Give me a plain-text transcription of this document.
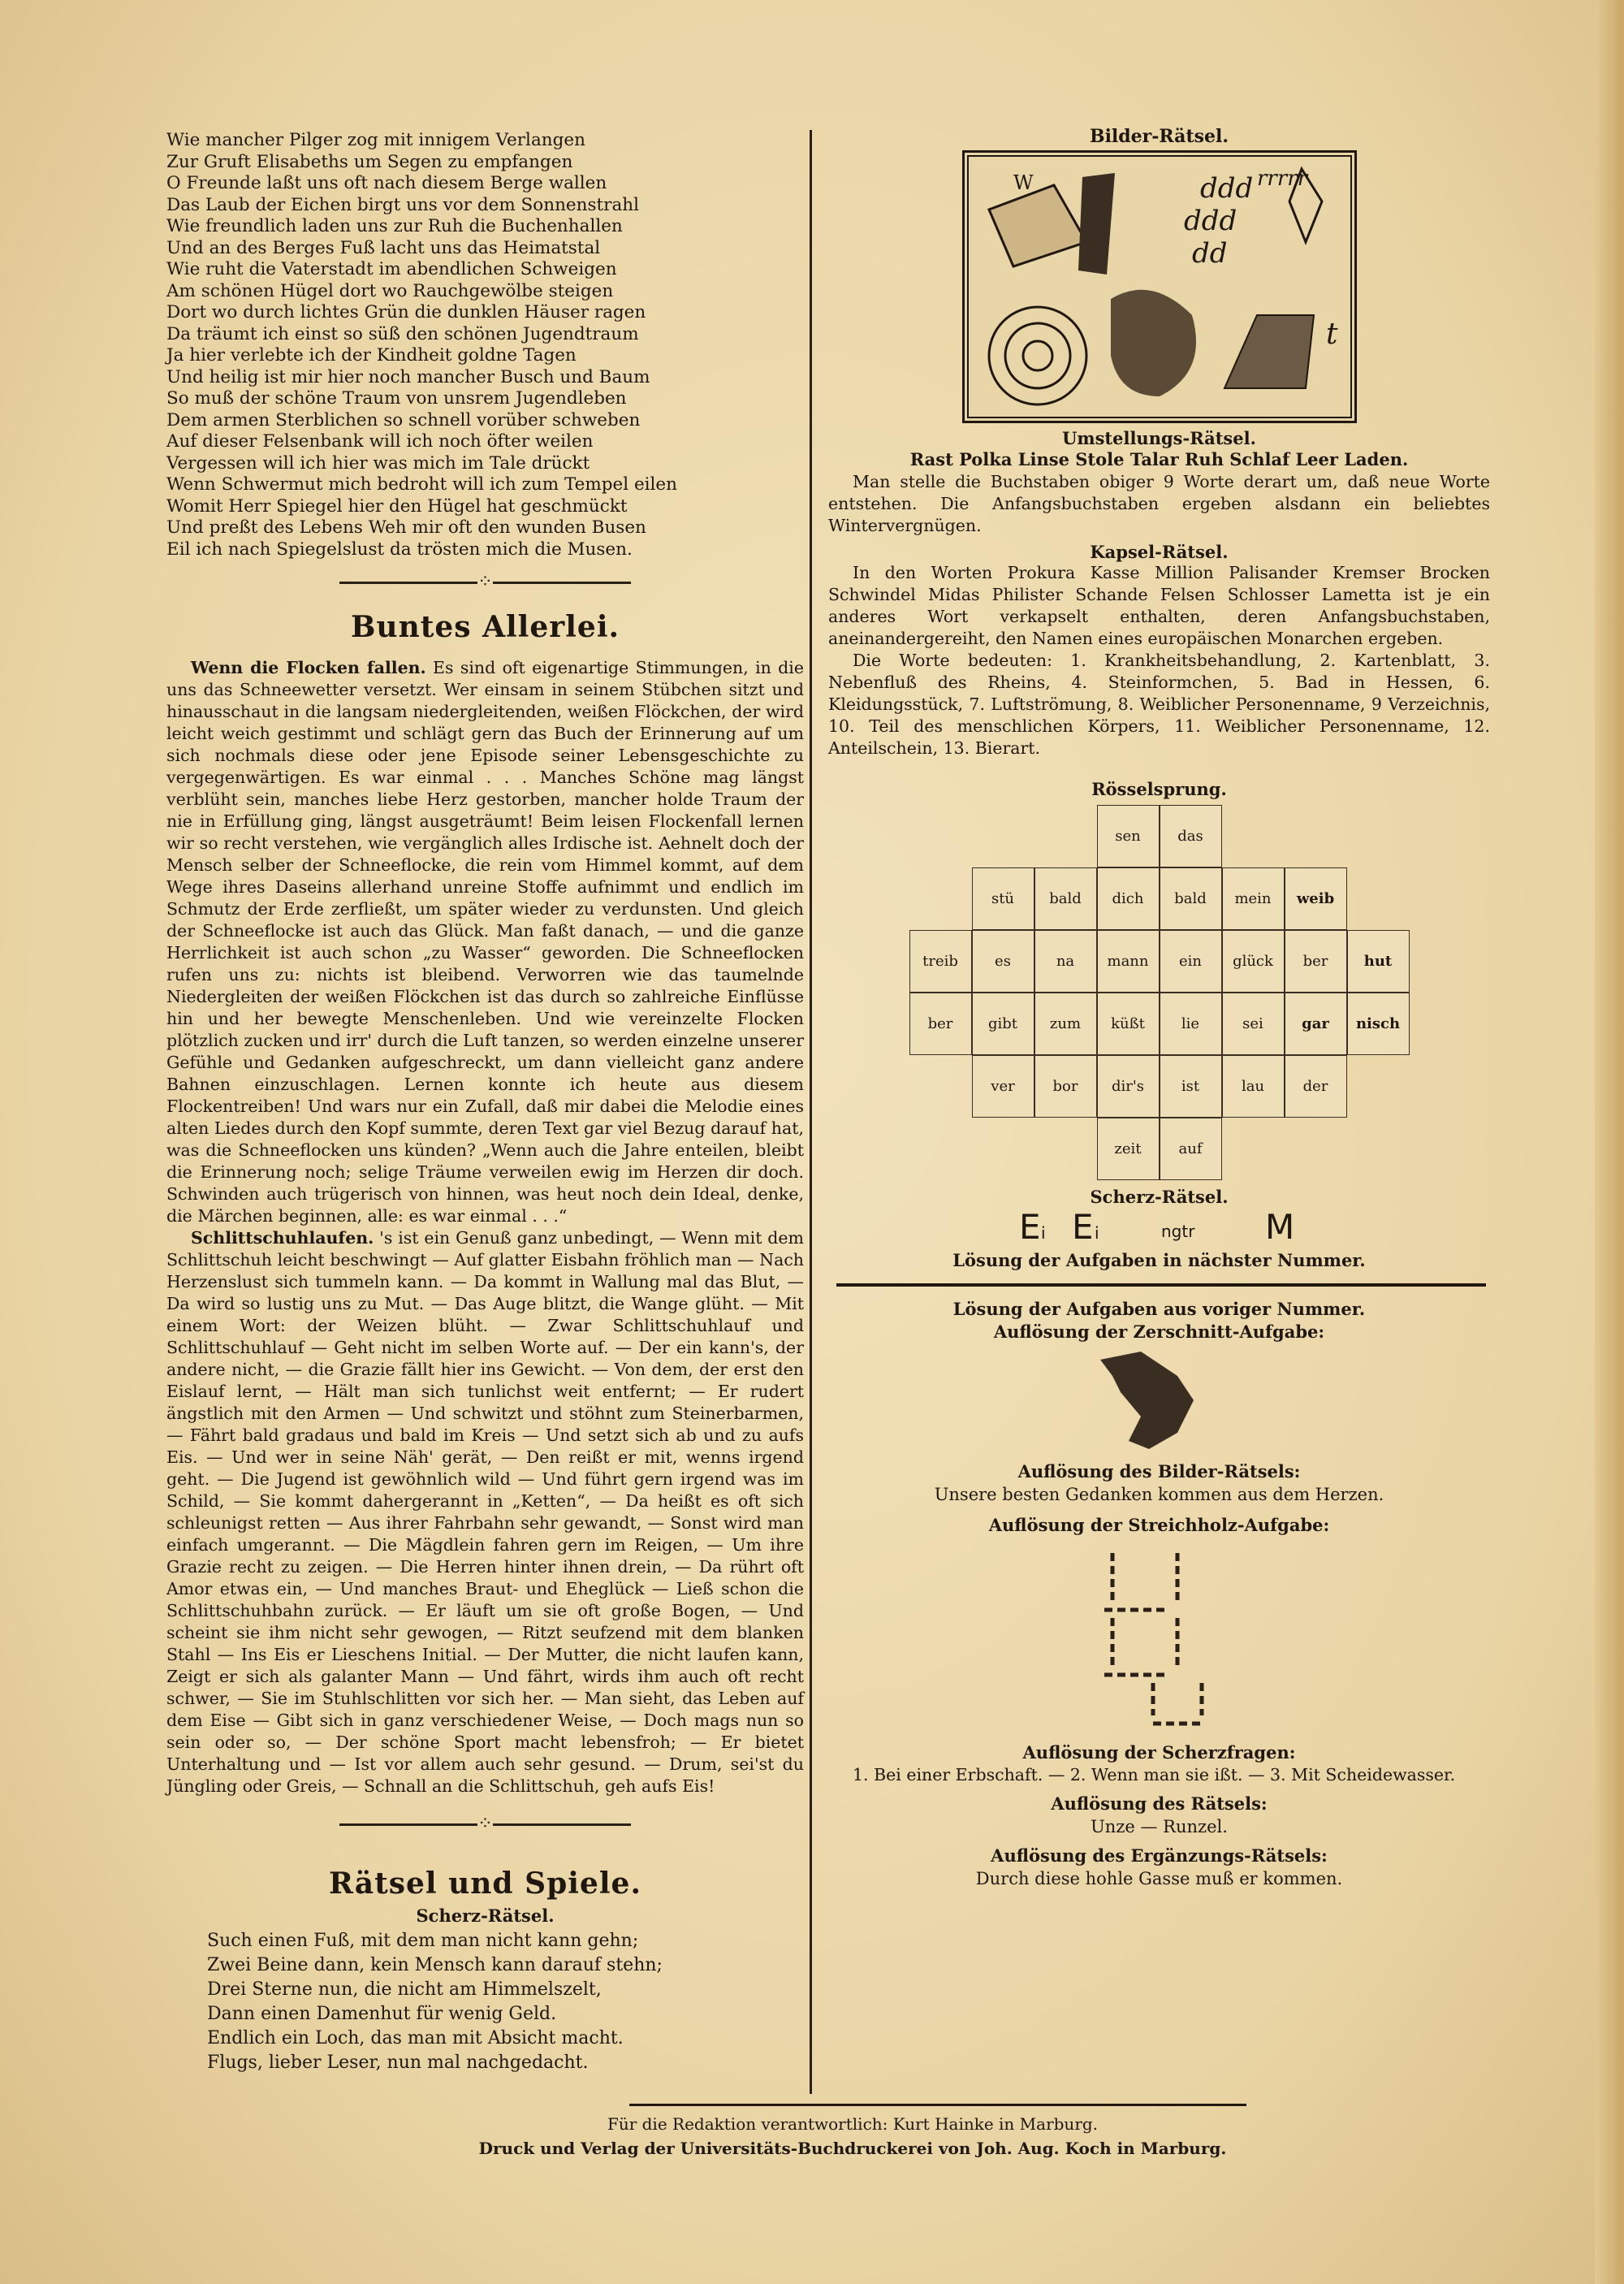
Wie mancher Pilger zog mit innigem Verlangen
Zur Gruft Elisabeths um Segen zu empfangen
O Freunde laßt uns oft nach diesem Berge wallen
Das Laub der Eichen birgt uns vor dem Sonnenstrahl
Wie freundlich laden uns zur Ruh die Buchenhallen
Und an des Berges Fuß lacht uns das Heimatstal
Wie ruht die Vaterstadt im abendlichen Schweigen
Am schönen Hügel dort wo Rauchgewölbe steigen
Dort wo durch lichtes Grün die dunklen Häuser ragen
Da träumt ich einst so süß den schönen Jugendtraum
Ja hier verlebte ich der Kindheit goldne Tagen
Und heilig ist mir hier noch mancher Busch und Baum
So muß der schöne Traum von unsrem Jugendleben
Dem armen Sterblichen so schnell vorüber schweben
Auf dieser Felsenbank will ich noch öfter weilen
Vergessen will ich hier was mich im Tale drückt
Wenn Schwermut mich bedroht will ich zum Tempel eilen
Womit Herr Spiegel hier den Hügel hat geschmückt
Und preßt des Lebens Weh mir oft den wunden Busen
Eil ich nach Spiegelslust da trösten mich die Musen.
⁘
Buntes Allerlei.

Wenn die Flocken fallen. Es sind oft eigenartige Stimmungen, in die uns das Schneewetter versetzt. Wer einsam in seinem Stübchen sitzt und hinausschaut in die langsam niedergleitenden, weißen Flöckchen, der wird leicht weich gestimmt und schlägt gern das Buch der Erinnerung auf um sich nochmals diese oder jene Episode seiner Lebensgeschichte zu vergegenwärtigen. Es war einmal . . . Manches Schöne mag längst verblüht sein, manches liebe Herz gestorben, mancher holde Traum der nie in Erfüllung ging, längst ausgeträumt! Beim leisen Flockenfall lernen wir so recht verstehen, wie vergänglich alles Irdische ist. Aehnelt doch der Mensch selber der Schneeflocke, die rein vom Himmel kommt, auf dem Wege ihres Daseins allerhand unreine Stoffe aufnimmt und endlich im Schmutz der Erde zerfließt, um später wieder zu verdunsten. Und gleich der Schneeflocke ist auch das Glück. Man faßt danach, — und die ganze Herrlichkeit ist auch schon „zu Wasser“ geworden. Die Schneeflocken rufen uns zu: nichts ist bleibend. Verworren wie das taumelnde Niedergleiten der weißen Flöckchen ist das durch so zahlreiche Einflüsse hin und her bewegte Menschenleben. Und wie vereinzelte Flocken plötzlich zucken und irr' durch die Luft tanzen, so werden einzelne unserer Gefühle und Gedanken aufgeschreckt, um dann vielleicht ganz andere Bahnen einzuschlagen. Lernen konnte ich heute aus diesem Flockentreiben! Und wars nur ein Zufall, daß mir dabei die Melodie eines alten Liedes durch den Kopf summte, deren Text gar viel Bezug darauf hat, was die Schneeflocken uns künden? „Wenn auch die Jahre enteilen, bleibt die Erinnerung noch; selige Träume verweilen ewig im Herzen dir doch. Schwinden auch trügerisch von hinnen, was heut noch dein Ideal, denke, die Märchen beginnen, alle: es war einmal . . .“

Schlittschuhlaufen. 's ist ein Genuß ganz unbedingt, — Wenn mit dem Schlittschuh leicht beschwingt — Auf glatter Eisbahn fröhlich man — Nach Herzenslust sich tummeln kann. — Da kommt in Wallung mal das Blut, — Da wird so lustig uns zu Mut. — Das Auge blitzt, die Wange glüht. — Mit einem Wort: der Weizen blüht. — Zwar Schlittschuhlauf und Schlittschuhlauf — Geht nicht im selben Worte auf. — Der ein kann's, der andere nicht, — die Grazie fällt hier ins Gewicht. — Von dem, der erst den Eislauf lernt, — Hält man sich tunlichst weit entfernt; — Er rudert ängstlich mit den Armen — Und schwitzt und stöhnt zum Steinerbarmen, — Fährt bald gradaus und bald im Kreis — Und setzt sich ab und zu aufs Eis. — Und wer in seine Näh' gerät, — Den reißt er mit, wenns irgend geht. — Die Jugend ist gewöhnlich wild — Und führt gern irgend was im Schild, — Sie kommt dahergerannt in „Ketten“, — Da heißt es oft sich schleunigst retten — Aus ihrer Fahrbahn sehr gewandt, — Sonst wird man einfach umgerannt. — Die Mägdlein fahren gern im Reigen, — Um ihre Grazie recht zu zeigen. — Die Herren hinter ihnen drein, — Da rührt oft Amor etwas ein, — Und manches Braut- und Eheglück — Ließ schon die Schlittschuhbahn zurück. — Er läuft um sie oft große Bogen, — Und scheint sie ihm nicht sehr gewogen, — Ritzt seufzend mit dem blanken Stahl — Ins Eis er Lieschens Initial. — Der Mutter, die nicht laufen kann, Zeigt er sich als galanter Mann — Und fährt, wirds ihm auch oft recht schwer, — Sie im Stuhlschlitten vor sich her. — Man sieht, das Leben auf dem Eise — Gibt sich in ganz verschiedener Weise, — Doch mags nun so sein oder so, — Der schöne Sport macht lebensfroh; — Er bietet Unterhaltung und — Ist vor allem auch sehr gesund. — Drum, sei'st du Jüngling oder Greis, — Schnall an die Schlittschuh, geh aufs Eis!

⁘
Rätsel und Spiele.
Scherz-Rätsel.
Such einen Fuß, mit dem man nicht kann gehn;
Zwei Beine dann, kein Mensch kann darauf stehn;
Drei Sterne nun, die nicht am Himmelszelt,
Dann einen Damenhut für wenig Geld.
Endlich ein Loch, das man mit Absicht macht.
Flugs, lieber Leser, nun mal nachgedacht.
Bilder-Rätsel.
ddd
ddd
dd
t
W	rrrrr
Umstellungs-Rätsel.
Rast Polka Linse Stole Talar Ruh Schlaf Leer Laden.

Man stelle die Buchstaben obiger 9 Worte derart um, daß neue Worte entstehen. Die Anfangsbuchstaben ergeben alsdann ein beliebtes Wintervergnügen.

Kapsel-Rätsel.

In den Worten Prokura Kasse Million Palisander Kremser Brocken Schwindel Midas Philister Schande Felsen Schlosser Lametta ist je ein anderes Wort verkapselt enthalten, deren Anfangsbuchstaben, aneinandergereiht, den Namen eines europäischen Monarchen ergeben.

Die Worte bedeuten: 1. Krankheitsbehandlung, 2. Kartenblatt, 3. Nebenfluß des Rheins, 4. Steinformchen, 5. Bad in Hessen, 6. Kleidungsstück, 7. Luftströmung, 8. Weiblicher Personenname, 9 Verzeichnis, 10. Teil des menschlichen Körpers, 11. Weiblicher Personenname, 12. Anteilschein, 13. Bierart.

Rösselsprung.
sen	das
stü	bald	dich	bald	mein	weib
treib	es	na	mann	ein	glück	ber	hut
ber	gibt	zum	küßt	lie	sei	gar	nisch
ver	bor	dir's	ist	lau	der
zeit	auf
Scherz-Rätsel.
E i E i	ngtr M
Lösung der Aufgaben in nächster Nummer.
Lösung der Aufgaben aus voriger Nummer.
Auflösung der Zerschnitt-Aufgabe:
Auflösung des Bilder-Rätsels:
Unsere besten Gedanken kommen aus dem Herzen.
Auflösung der Streichholz-Aufgabe:
Auflösung der Scherzfragen:

1. Bei einer Erbschaft. — 2. Wenn man sie ißt. — 3. Mit Scheidewasser.

Auflösung des Rätsels:
Unze — Runzel.
Auflösung des Ergänzungs-Rätsels:
Durch diese hohle Gasse muß er kommen.
Für die Redaktion verantwortlich: Kurt Hainke in Marburg.
Druck und Verlag der Universitäts-Buchdruckerei von Joh. Aug. Koch in Marburg.
